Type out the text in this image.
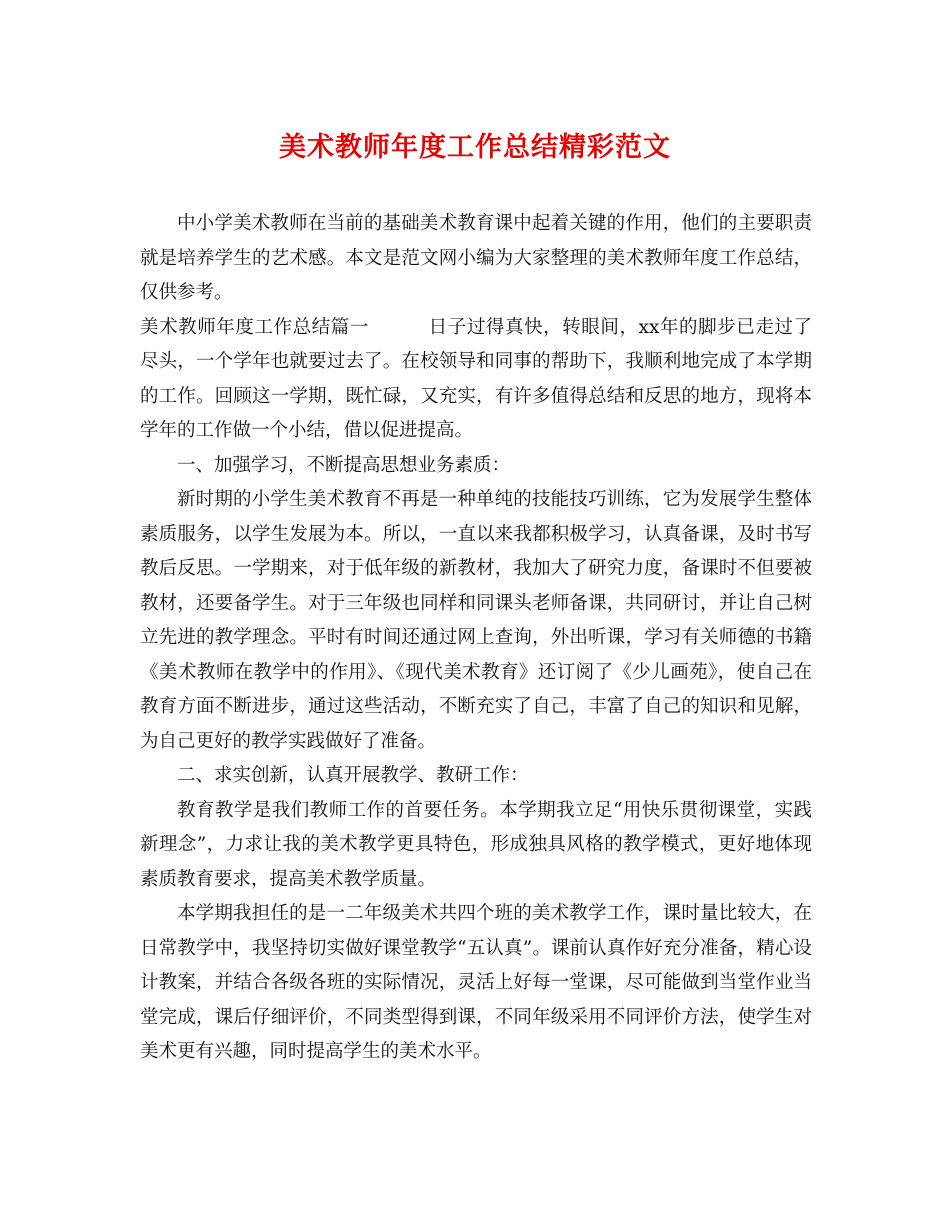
美术教师年度工作总结精彩范文

中小学美术教师在当前的基础美术教育课中起着关键的作用，他们的主要职责就是培养学生的艺术感。本文是范文网小编为大家整理的美术教师年度工作总结，仅供参考。

美术教师年度工作总结篇一	日子过得真快，转眼间，xx年的脚步已走过了尽头，一个学年也就要过去了。在校领导和同事的帮助下，我顺利地完成了本学期的工作。回顾这一学期，既忙碌，又充实，有许多值得总结和反思的地方，现将本学年的工作做一个小结，借以促进提高。

一、加强学习，不断提高思想业务素质：

新时期的小学生美术教育不再是一种单纯的技能技巧训练，它为发展学生整体素质服务，以学生发展为本。所以，一直以来我都积极学习，认真备课，及时书写教后反思。一学期来，对于低年级的新教材，我加大了研究力度，备课时不但要被教材，还要备学生。对于三年级也同样和同课头老师备课，共同研讨，并让自己树立先进的教学理念。平时有时间还通过网上查询，外出听课，学习有关师德的书籍《美术教师在教学中的作用》、《现代美术教育》还订阅了《少儿画苑》，使自己在教育方面不断进步，通过这些活动，不断充实了自己，丰富了自己的知识和见解，为自己更好的教学实践做好了准备。

二、求实创新，认真开展教学、教研工作：

教育教学是我们教师工作的首要任务。本学期我立足“用快乐贯彻课堂，实践新理念”，力求让我的美术教学更具特色，形成独具风格的教学模式，更好地体现素质教育要求，提高美术教学质量。

本学期我担任的是一二年级美术共四个班的美术教学工作，课时量比较大，在日常教学中，我坚持切实做好课堂教学“五认真”。课前认真作好充分准备，精心设计教案，并结合各级各班的实际情况，灵活上好每一堂课，尽可能做到当堂作业当堂完成，课后仔细评价，不同类型得到课，不同年级采用不同评价方法，使学生对美术更有兴趣，同时提高学生的美术水平。
